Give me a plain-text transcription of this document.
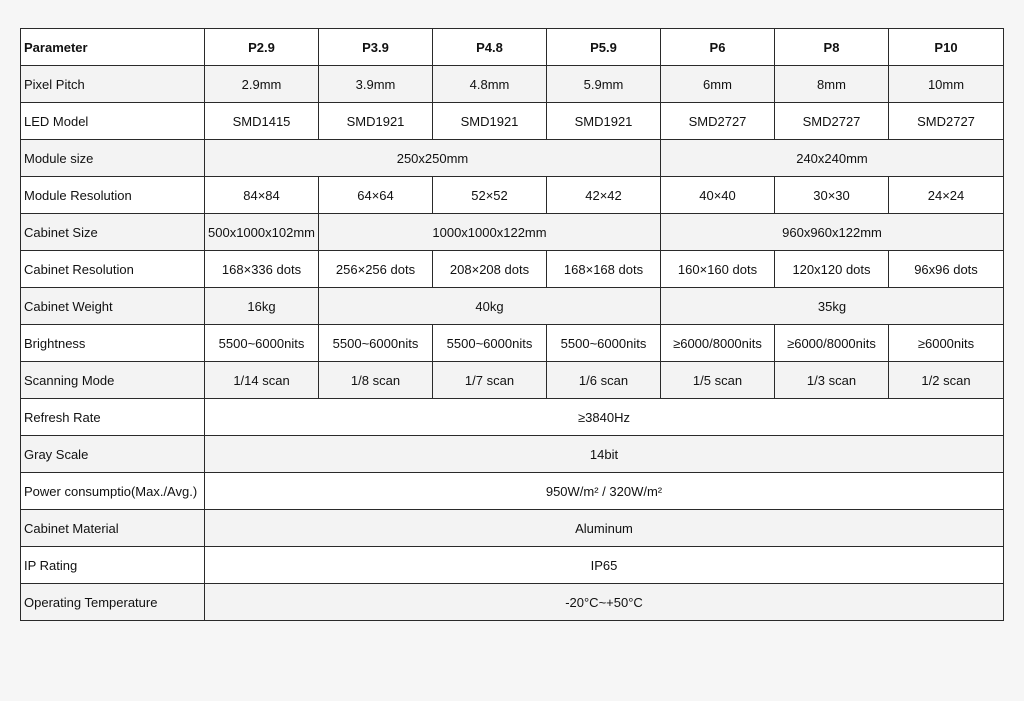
Parameter	P2.9	P3.9	P4.8	P5.9	P6	P8	P10
Pixel Pitch	2.9mm	3.9mm	4.8mm	5.9mm	6mm	8mm	10mm
LED Model	SMD1415	SMD1921	SMD1921	SMD1921	SMD2727	SMD2727	SMD2727
Module size	250x250mm				240x240mm		
Module Resolution	84×84	64×64	52×52	42×42	40×40	30×30	24×24
Cabinet Size	500x1000x102mm	1000x1000x122mm			960x960x122mm		
Cabinet Resolution	168×336 dots	256×256 dots	208×208 dots	168×168 dots	160×160 dots	120x120 dots	96x96 dots
Cabinet Weight	16kg	40kg			35kg		
Brightness	5500~6000nits	5500~6000nits	5500~6000nits	5500~6000nits	≥6000/8000nits	≥6000/8000nits	≥6000nits
Scanning Mode	1/14 scan	1/8 scan	1/7 scan	1/6 scan	1/5 scan	1/3 scan	1/2 scan
Refresh Rate	≥3840Hz						
Gray Scale	14bit						
Power consumptio(Max./Avg.)	950W/m² / 320W/m²						
Cabinet Material	Aluminum						
IP Rating	IP65						
Operating Temperature	-20°C~+50°C						
